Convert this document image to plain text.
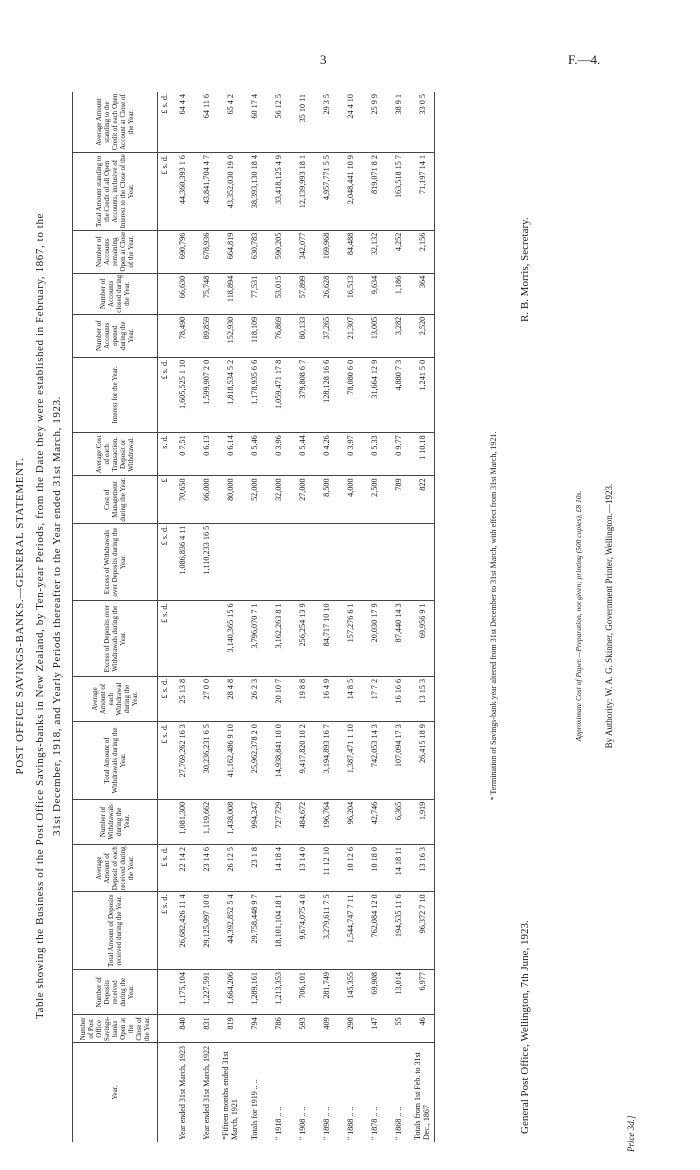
3	F.—4.
POST OFFICE SAVINGS-BANKS.—GENERAL STATEMENT. Table showing the Business of the Post Office Savings-banks in New Zealand, by Ten-year Periods, from the Date they were established in February, 1867, to the 31st December, 1918, and Yearly Periods thereafter to the Year ended 31st March, 1923.
Year.	Number of Post Office Savings-banks Open at the Close of the Year.	Number of Deposits received during the Year.	Total Amount of Deposits received during the Year.	Average Amount of Deposit of each received during the Year.	Number of Withdrawals during the Year.	Total Amount of Withdrawals during the Year.	Average Amount of each Withdrawal during the Year.	Excess of Deposits over Withdrawals during the Year.	Excess of Withdrawals over Deposits during the Year.	Cost of Management during the Year.	Average Cost of each Transaction, Deposit or Withdrawal.	Interest for the Year.	Number of Accounts opened during the Year.	Number of Accounts closed during the Year.	Number of Accounts remaining Open at Close of the Year.	Total Amount standing to the Credit of all Open Accounts, inclusive of Interest to the Close of the Year.	Average Amount standing to the Credit of each Open Account at Close of the Year.
			£ s. d.	£ s. d.		£ s. d.	£ s. d.	£ s. d.	£ s. d.	£	s. d.	£ s. d.				£ s. d.	£ s. d.
Year ended 31st March, 1923	840	1,175,104	26,682,426 11 4	22 14 2	1,081,300	27,769,262 16 3	25 13 8		1,086,836 4 11	70,650	0 7.51	1,605,525 1 10	78,490	66,630	690,796	44,360,393 1 6	64 4 4
Year ended 31st March, 1922	831	1,227,591	29,125,997 10 0	23 14 6	1,119,662	30,236,231 6 5	27 0 0		1,110,233 16 5	66,000	0 6.13	1,599,907 2 0	89,859	75,748	678,936	43,841,704 4 7	64 11 6
*Fifteen months ended 31st March, 1921	819	1,664,206	44,392,852 5 4	26 12 5	1,438,008	41,162,486 9 10	28 4 8	3,140,365 15 6		80,000	0 6.14	1,818,534 5 2	152,930	118,894	664,819	43,352,030 19 0	65 4 2
Totals for 1919 .. ..	794	1,289,161	29,758,448 9 7	23 1 8	994,247	25,962,378 2 0	26 2 3	3,796,070 7 1		52,000	0 5.46	1,178,935 6 6	118,109	77,531	630,783	38,393,130 18 4	60 17 4
" 1918 .. ..	786	1,213,353	18,101,104 18 1	14 18 4	727 729	14,938,841 10 0	20 10 7	3,162,263 8 1		32,000	0 3.96	1,059,471 17 8	76,869	53,015	590,205	33,418,125 4 9	56 12 5
" 1908 .. ..	593	706,101	9,674,075 4 0	13 14 0	484,672	9,417,820 10 2	19 8 8	256,254 13 9		27,000	0 5.44	379,808 6 7	80,133	57,899	342,077	12,139,993 18 1	35 10 11
" 1898 .. ..	409	281,749	3,279,611 7 5	11 12 10	196,764	3,194,893 16 7	16 4 9	84,717 10 10		8,500	0 4.26	128,128 16 6	37,265	26,628	169,968	4,957,771 5 5	29 3 5
" 1888 .. ..	290	145,355	1,544,747 7 11	10 12 6	96,204	1,387,471 1 10	14 8 5	157,276 6 1		4,000	0 3.97	78,080 6 0	21,307	16,513	84,488	2,048,441 10 9	24 4 10
" 1878 .. ..	147	69,908	762,084 12 0	10 18 0	42,746	742,053 14 3	17 7 2	20,030 17 9		2,500	0 5.33	31,664 12 9	13,005	9,634	32,132	819,071 8 2	25 9 9
" 1868 .. ..	55	13,014	194,535 11 6	14 18 11	6,365	107,094 17 3	16 16 6	87,440 14 3		789	0 9.77	4,880 7 3	3,282	1,186	4,252	163,518 15 7	38 9 1
Totals from 1st Feb. to 31st Dec., 1867	46	6,977	96,372 7 10	13 16 3	1,919	26,415 18 9	13 15 3	69,956 9 1		822	1 10.18	1,241 5 0	2,520	364	2,156	71,197 14 1	33 0 5
* Termination of Savings-bank year altered from 31st December to 31st March, with effect from 31st March, 1921.
General Post Office, Wellington, 7th June, 1923.
R. B. Morris, Secretary.
Approximate Cost of Paper.—Preparation, not given; printing (500 copies), £8 10s. By Authority: W. A. G. Skinner, Government Printer, Wellington.—1923.
Price 3d.]
